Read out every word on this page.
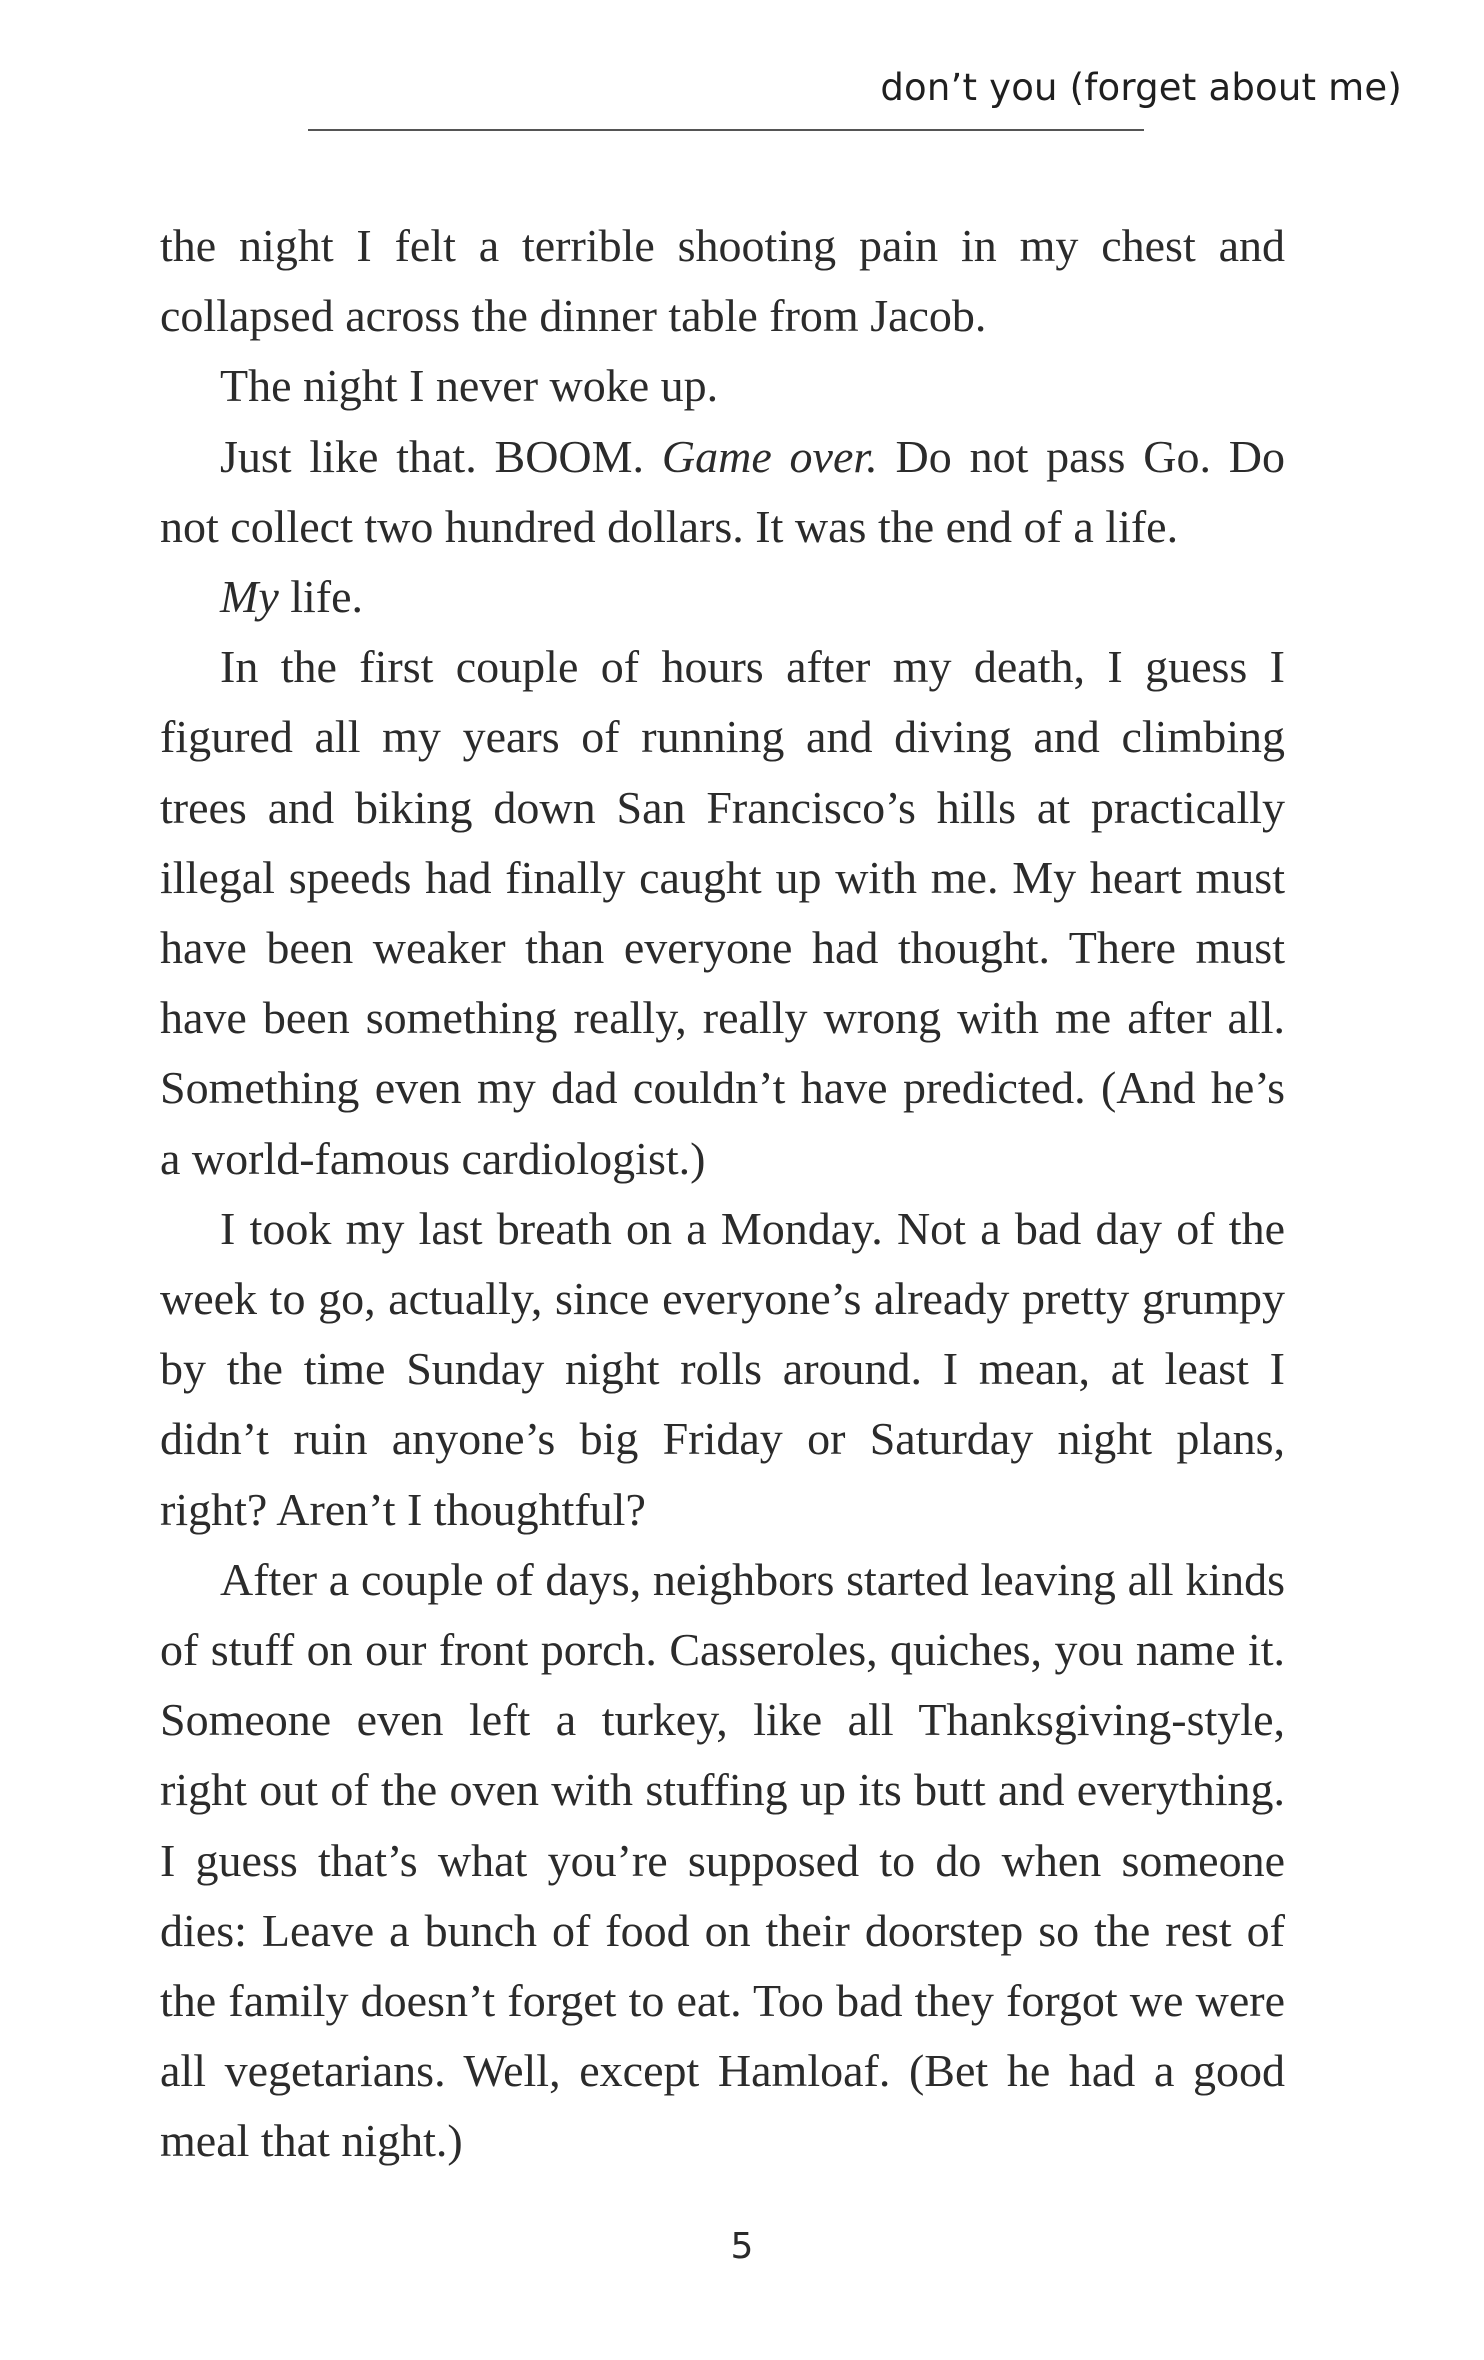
don’t you (forget about me)

the night I felt a terrible shooting pain in my chest and collapsed across the dinner table from Jacob.

The night I never woke up.

Just like that. BOOM. Game over. Do not pass Go. Do not collect two hundred dollars. It was the end of a life.

My life.

In the first couple of hours after my death, I guess I figured all my years of running and diving and climbing trees and biking down San Francisco’s hills at practically illegal speeds had finally caught up with me. My heart must have been weaker than everyone had thought. There must have been something really, really wrong with me after all. Something even my dad couldn’t have predicted. (And he’s a world-famous cardiologist.)

I took my last breath on a Monday. Not a bad day of the week to go, actually, since everyone’s already pretty grumpy by the time Sunday night rolls around. I mean, at least I didn’t ruin anyone’s big Friday or Saturday night plans, right? Aren’t I thoughtful?

After a couple of days, neighbors started leaving all kinds of stuff on our front porch. Casseroles, quiches, you name it. Someone even left a turkey, like all Thanksgiving-style, right out of the oven with stuffing up its butt and everything. I guess that’s what you’re supposed to do when someone dies: Leave a bunch of food on their doorstep so the rest of the family doesn’t forget to eat. Too bad they forgot we were all vegetarians. Well, except Hamloaf. (Bet he had a good meal that night.)

5
